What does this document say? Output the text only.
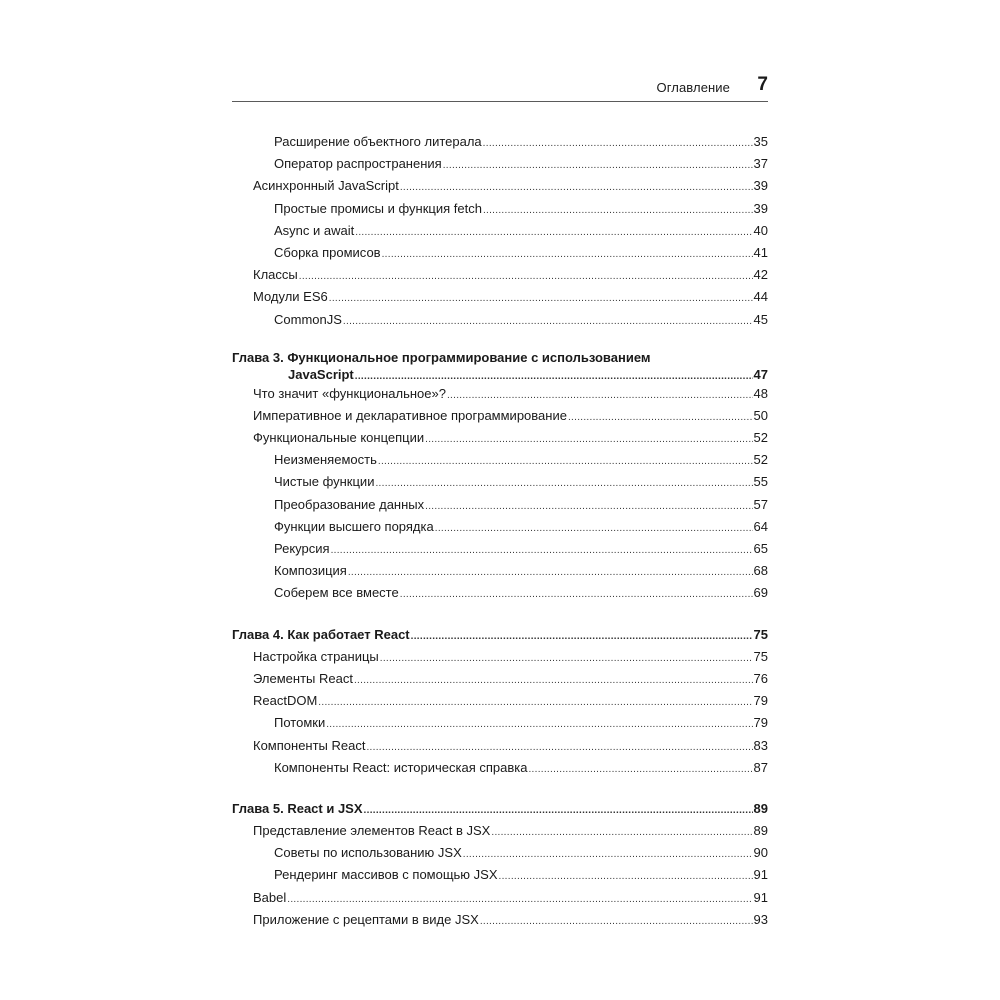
Оглавление 7
Расширение объектного литерала .....	35
Оператор распространения .....	37
Асинхронный JavaScript .....	39
Простые промисы и функция fetch .....	39
Async и await .....	40
Сборка промисов .....	41
Классы .....	42
Модули ES6 .....	44
CommonJS .....	45
Глава 3. Функциональное программирование с использованием
JavaScript .....	47
Что значит «функциональное»? .....	48
Императивное и декларативное программирование .....	50
Функциональные концепции .....	52
Неизменяемость .....	52
Чистые функции .....	55
Преобразование данных .....	57
Функции высшего порядка .....	64
Рекурсия .....	65
Композиция .....	68
Соберем все вместе .....	69
Глава 4. Как работает React .....	75
Настройка страницы .....	75
Элементы React .....	76
ReactDOM .....	79
Потомки .....	79
Компоненты React .....	83
Компоненты React: историческая справка .....	87
Глава 5. React и JSX .....	89
Представление элементов React в JSX .....	89
Советы по использованию JSX .....	90
Рендеринг массивов с помощью JSX .....	91
Babel .....	91
Приложение с рецептами в виде JSX .....	93
